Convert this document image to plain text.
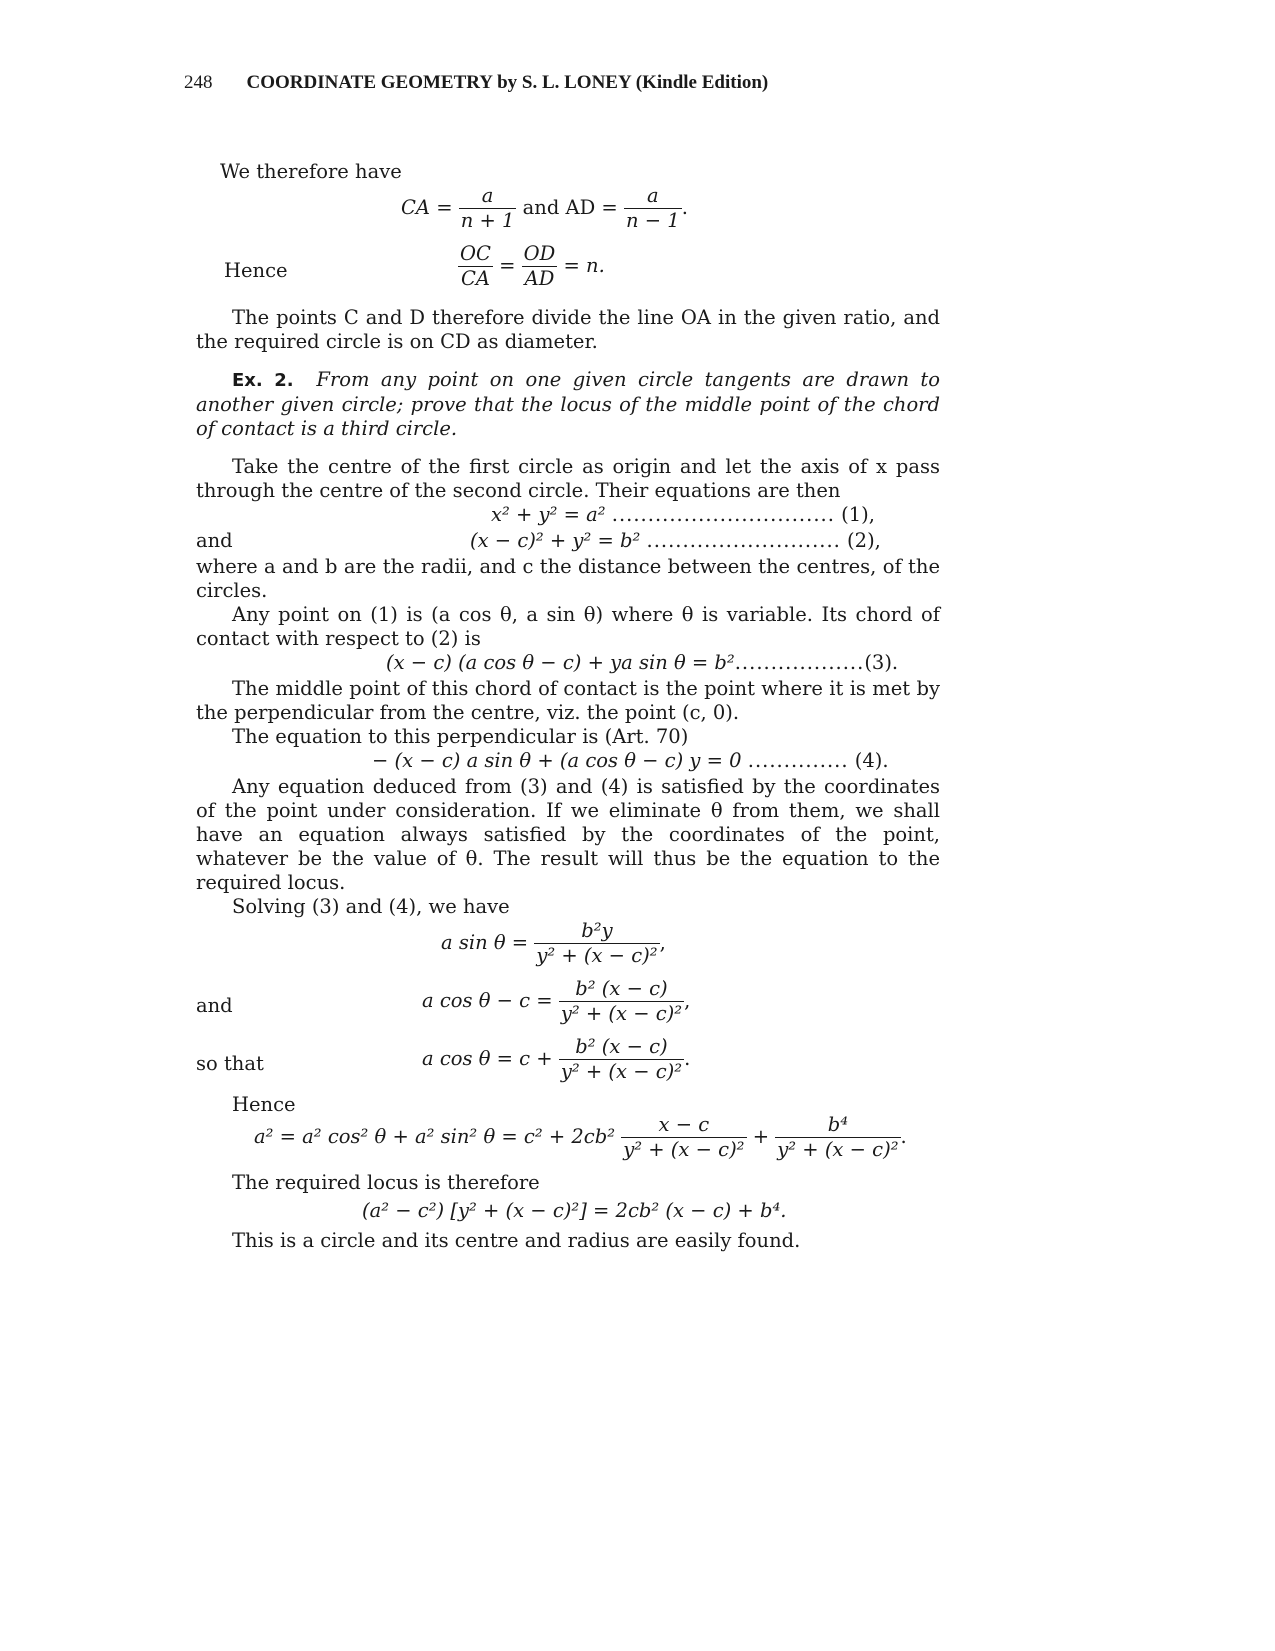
248 COORDINATE GEOMETRY by S. L. LONEY (Kindle Edition)

We therefore have

CA = $\frac{a}{n + 1}$ and AD = $\frac{a}{n - 1}$ .
Hence	$\frac{OC}{CA} = \frac{OD}{AD} = n$.

The points C and D therefore divide the line OA in the given ratio, and the required circle is on CD as diameter.

Ex. 2. From any point on one given circle tangents are drawn to another given circle; prove that the locus of the middle point of the chord of contact is a third circle.

Take the centre of the first circle as origin and let the axis of x pass through the centre of the second circle. Their equations are then

x² + y² = a² ............................... (1),
and	(x − c)² + y² = b² ........................... (2),

where a and b are the radii, and c the distance between the centres, of the circles.

Any point on (1) is (a cos θ, a sin θ) where θ is variable. Its chord of contact with respect to (2) is

(x − c) (a cos θ − c) + ya sin θ = b²..................(3).

The middle point of this chord of contact is the point where it is met by the perpendicular from the centre, viz. the point (c, 0).

The equation to this perpendicular is (Art. 70)

− (x − c) a sin θ + (a cos θ − c) y = 0 .............. (4).

Any equation deduced from (3) and (4) is satisfied by the coordinates of the point under consideration. If we eliminate θ from them, we shall have an equation always satisfied by the coordinates of the point, whatever be the value of θ. The result will thus be the equation to the required locus.

Solving (3) and (4), we have

a $\sin \theta = \frac{\text{b²y}}{\text{y² + (x − c)²}}$ ,
and	a $\cos \theta - c = \frac{\text{b² (x − c)}}{\text{y² + (x − c)²}}$ ,
so that	a $\cos \theta = c + \frac{\text{b² (x − c)}}{\text{y² + (x − c)²}}$ .

Hence

a² = a² cos² θ + a² sin² $\theta = c^2 + 2cb^2 \frac{x - c}{\text{y² + (x − c)²}} + \frac{\text{b⁴}}{\text{y² + (x − c)²}}$ .

The required locus is therefore

(a² − c²) [y² + (x − c)²] = 2cb² (x − c) + b⁴.

This is a circle and its centre and radius are easily found.
